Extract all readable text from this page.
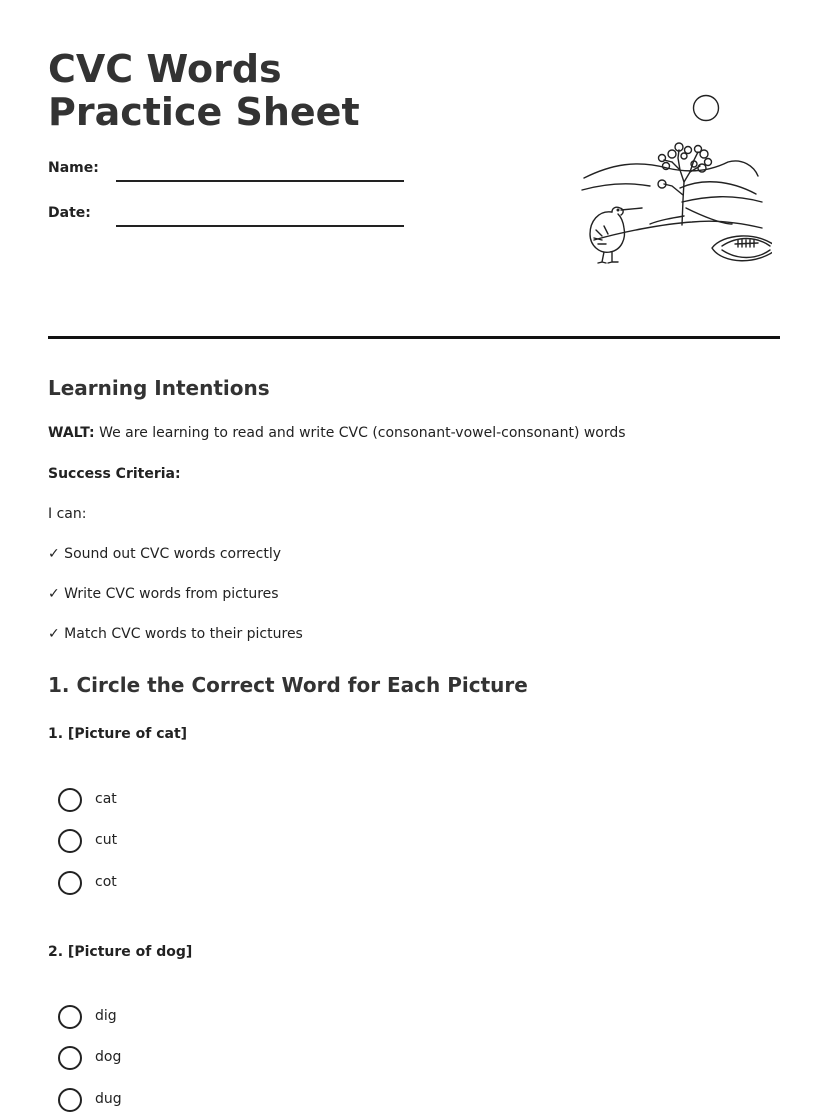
CVC Words Practice Sheet
Name:
Date:
Learning Intentions

WALT: We are learning to read and write CVC (consonant-vowel-consonant) words

Success Criteria:

I can:

✓ Sound out CVC words correctly

✓ Write CVC words from pictures

✓ Match CVC words to their pictures

1. Circle the Correct Word for Each Picture
1. [Picture of cat]
cat
cut
cot
2. [Picture of dog]
dig
dog
dug
